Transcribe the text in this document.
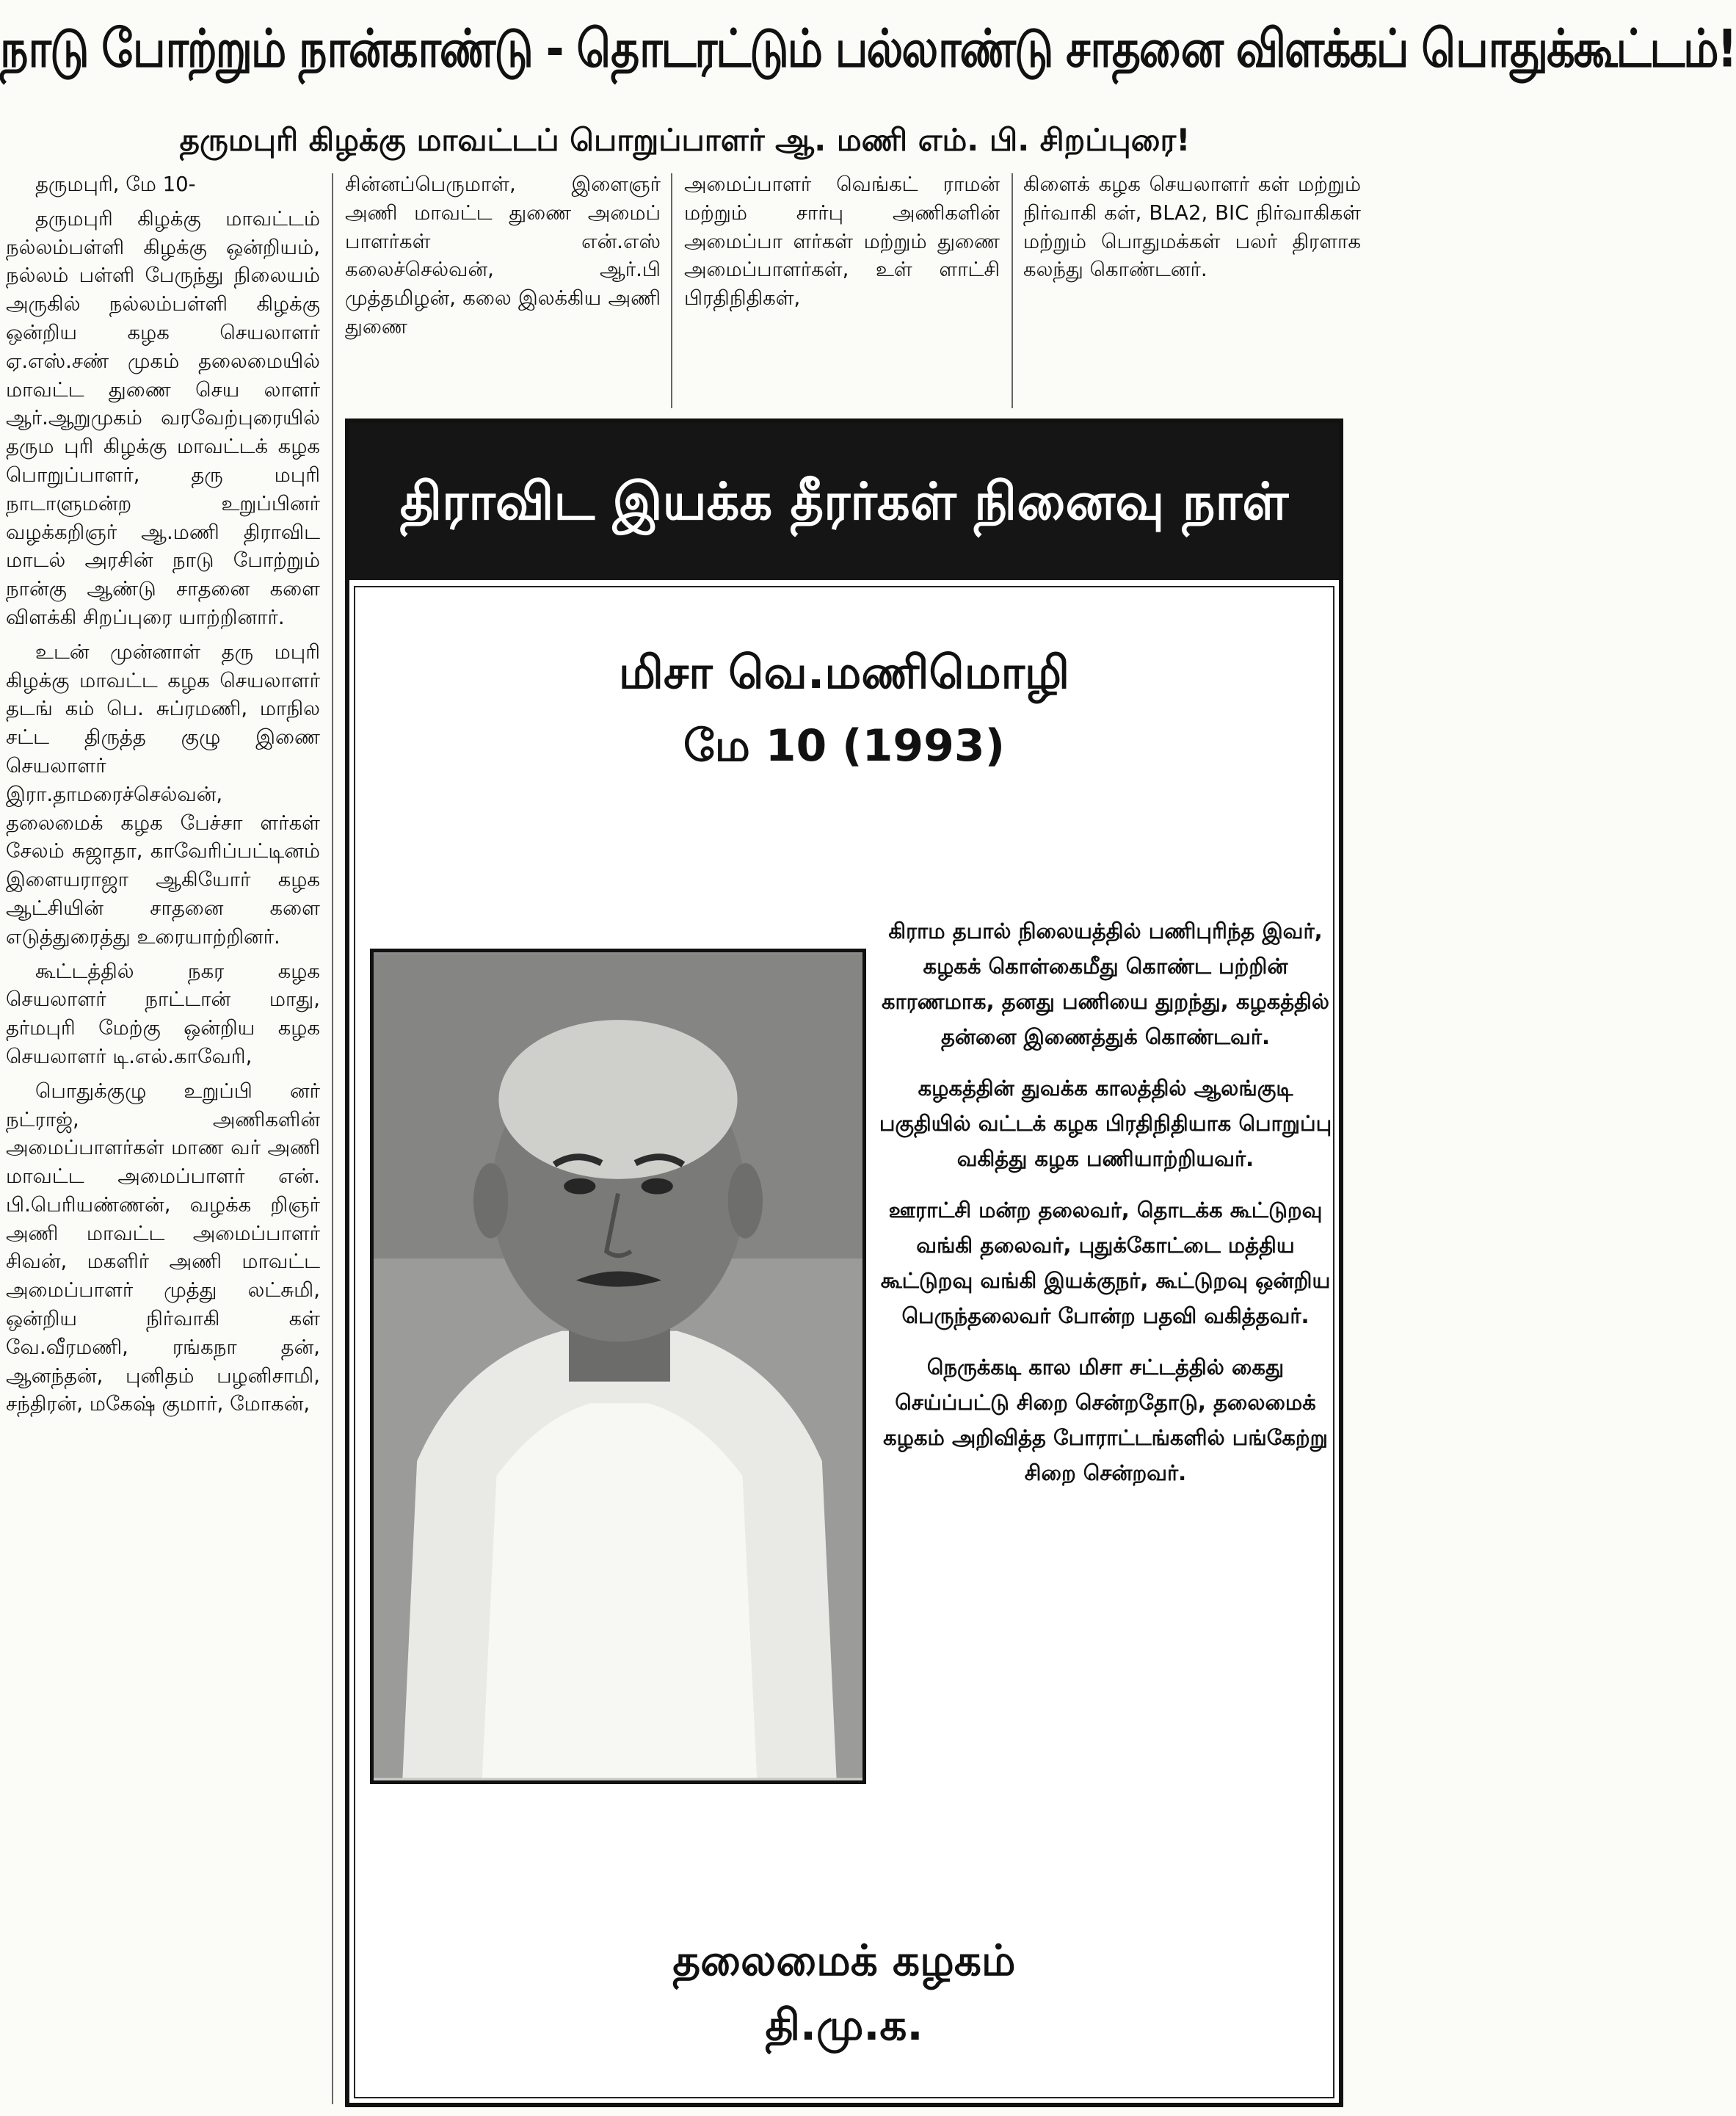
நாடு போற்றும் நான்காண்டு - தொடரட்டும் பல்லாண்டு சாதனை விளக்கப் பொதுக்கூட்டம்!
தருமபுரி கிழக்கு மாவட்டப் பொறுப்பாளர் ஆ. மணி எம். பி. சிறப்புரை!

தருமபுரி, மே 10-

தருமபுரி கிழக்கு மாவட்டம் நல்லம்பள்ளி கிழக்கு ஒன்றியம், நல்லம் பள்ளி பேருந்து நிலையம் அருகில் நல்லம்பள்ளி கிழக்கு ஒன்றிய கழக செயலாளர் ஏ.எஸ்.சண் முகம் தலைமையில் மாவட்ட துணை செய லாளர் ஆர்.ஆறுமுகம் வரவேற்புரையில் தரும புரி கிழக்கு மாவட்டக் கழக பொறுப்பாளர், தரு மபுரி நாடாளுமன்ற உறுப்பினர் வழக்கறிஞர் ஆ.மணி திராவிட மாடல் அரசின் நாடு போற்றும் நான்கு ஆண்டு சாதனை களை விளக்கி சிறப்புரை யாற்றினார்.

உடன் முன்னாள் தரு மபுரி கிழக்கு மாவட்ட கழக செயலாளர் தடங் கம் பெ. சுப்ரமணி, மாநில சட்ட திருத்த குழு இணை செயலாளர் இரா.தாமரைச்செல்வன், தலைமைக் கழக பேச்சா ளர்கள் சேலம் சுஜாதா, காவேரிப்பட்டினம் இளையராஜா ஆகியோர் கழக ஆட்சியின் சாதனை களை எடுத்துரைத்து உரையாற்றினர்.

கூட்டத்தில் நகர கழக செயலாளர் நாட்டான் மாது, தர்மபுரி மேற்கு ஒன்றிய கழக செயலாளர் டி.எல்.காவேரி,

பொதுக்குழு உறுப்பி னர் நட்ராஜ், அணிகளின் அமைப்பாளர்கள் மாண வர் அணி மாவட்ட அமைப்பாளர் என். பி.பெரியண்ணன், வழக்க றிஞர் அணி மாவட்ட அமைப்பாளர் சிவன், மகளிர் அணி மாவட்ட அமைப்பாளர் முத்து லட்சுமி, ஒன்றிய நிர்வாகி கள் வே.வீரமணி, ரங்கநா தன், ஆனந்தன், புனிதம் பழனிசாமி, சந்திரன், மகேஷ் குமார், மோகன்,

சின்னப்பெருமாள், இளைஞர் அணி மாவட்ட துணை அமைப் பாளர்கள் என்.எஸ் கலைச்செல்வன், ஆர்.பி முத்தமிழன், கலை இலக்கிய அணி துணை

அமைப்பாளர் வெங்கட் ராமன் மற்றும் சார்பு அணிகளின் அமைப்பா ளர்கள் மற்றும் துணை அமைப்பாளர்கள், உள் ளாட்சி பிரதிநிதிகள்,

கிளைக் கழக செயலாளர் கள் மற்றும் நிர்வாகி கள், BLA2, BIC நிர்வாகிகள் மற்றும் பொதுமக்கள் பலர் திரளாக கலந்து கொண்டனர்.

திராவிட இயக்க தீரர்கள் நினைவு நாள்
மிசா வெ.மணிமொழி
மே 10 (1993)

கிராம தபால் நிலையத்தில் பணிபுரிந்த இவர், கழகக் கொள்கைமீது கொண்ட பற்றின் காரணமாக, தனது பணியை துறந்து, கழகத்தில் தன்னை இணைத்துக் கொண்டவர்.

கழகத்தின் துவக்க காலத்தில் ஆலங்குடி பகுதியில் வட்டக் கழக பிரதிநிதியாக பொறுப்பு வகித்து கழக பணியாற்றியவர்.

ஊராட்சி மன்ற தலைவர், தொடக்க கூட்டுறவு வங்கி தலைவர், புதுக்கோட்டை மத்திய கூட்டுறவு வங்கி இயக்குநர், கூட்டுறவு ஒன்றிய பெருந்தலைவர் போன்ற பதவி வகித்தவர்.

நெருக்கடி கால மிசா சட்டத்தில் கைது செய்ப்பட்டு சிறை சென்றதோடு, தலைமைக் கழகம் அறிவித்த போராட்டங்களில் பங்கேற்று சிறை சென்றவர்.

தலைமைக் கழகம்
தி.மு.க.
